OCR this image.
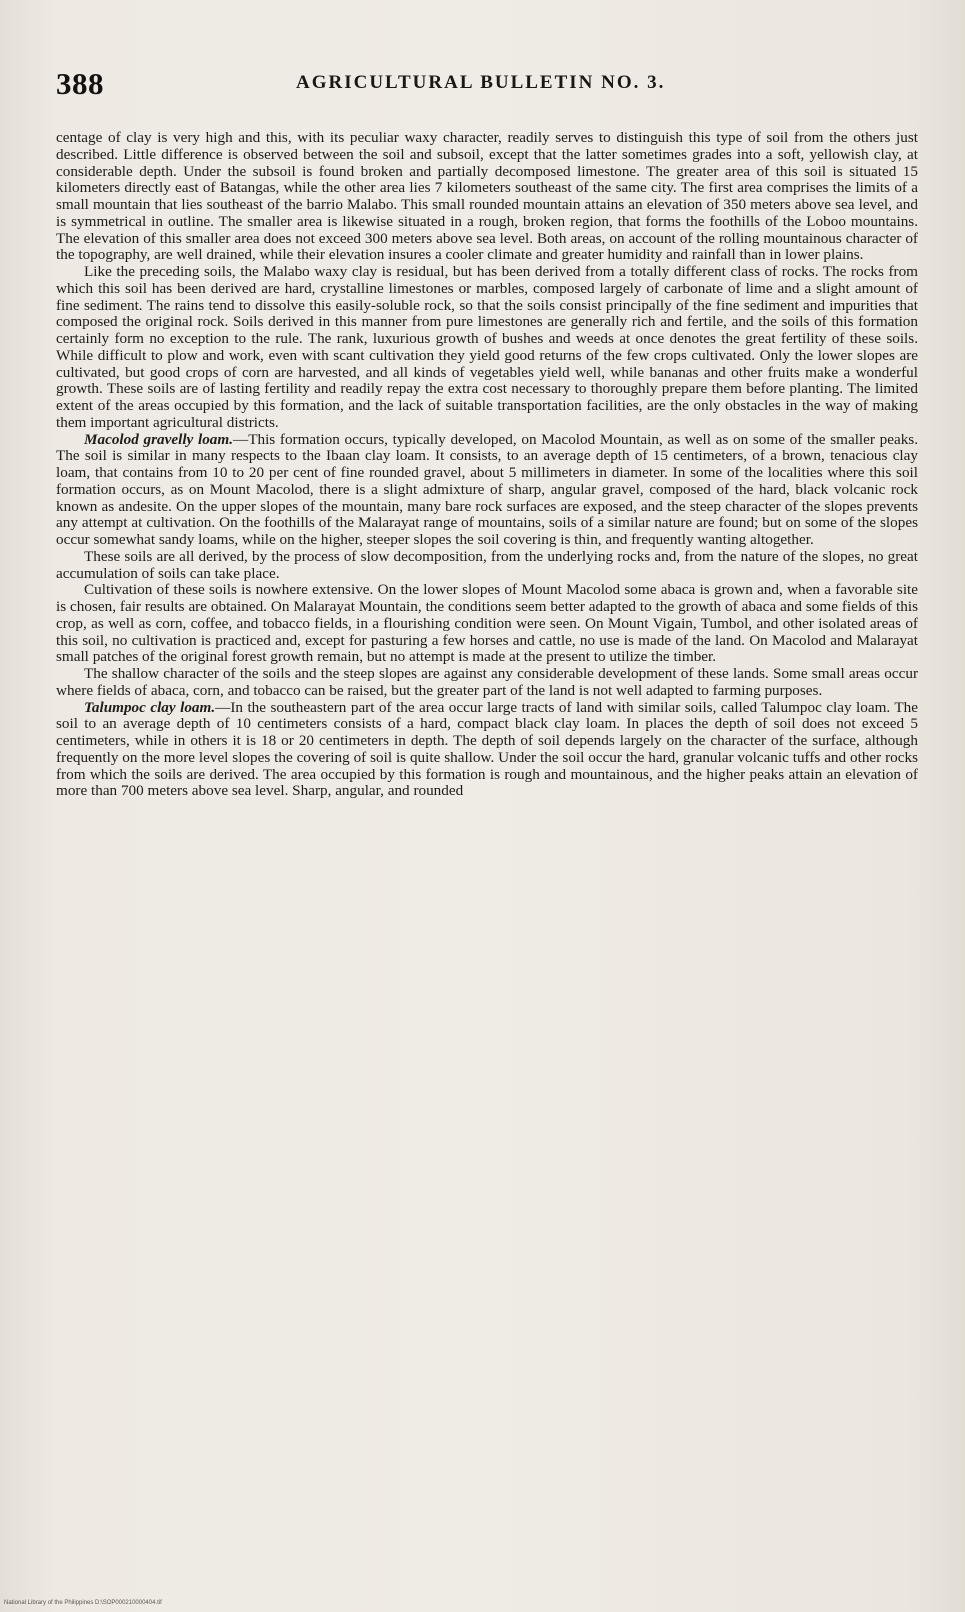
388	AGRICULTURAL BULLETIN NO. 3.

centage of clay is very high and this, with its peculiar waxy character, readily serves to distinguish this type of soil from the others just described. Little difference is observed between the soil and subsoil, except that the latter sometimes grades into a soft, yellowish clay, at considerable depth. Under the subsoil is found broken and partially decomposed limestone. The greater area of this soil is situated 15 kilometers directly east of Batangas, while the other area lies 7 kilometers southeast of the same city. The first area comprises the limits of a small mountain that lies southeast of the barrio Malabo. This small rounded mountain attains an elevation of 350 meters above sea level, and is symmetrical in outline. The smaller area is likewise situated in a rough, broken region, that forms the foothills of the Loboo mountains. The elevation of this smaller area does not exceed 300 meters above sea level. Both areas, on account of the rolling mountainous character of the topography, are well drained, while their elevation insures a cooler climate and greater humidity and rainfall than in lower plains.

Like the preceding soils, the Malabo waxy clay is residual, but has been derived from a totally different class of rocks. The rocks from which this soil has been derived are hard, crystalline limestones or marbles, composed largely of carbonate of lime and a slight amount of fine sediment. The rains tend to dissolve this easily-soluble rock, so that the soils consist principally of the fine sediment and impurities that composed the original rock. Soils derived in this manner from pure limestones are generally rich and fertile, and the soils of this formation certainly form no exception to the rule. The rank, luxurious growth of bushes and weeds at once denotes the great fertility of these soils. While difficult to plow and work, even with scant cultivation they yield good returns of the few crops cultivated. Only the lower slopes are cultivated, but good crops of corn are harvested, and all kinds of vegetables yield well, while bananas and other fruits make a wonderful growth. These soils are of lasting fertility and readily repay the extra cost necessary to thoroughly prepare them before planting. The limited extent of the areas occupied by this formation, and the lack of suitable transportation facilities, are the only obstacles in the way of making them important agricultural districts.

Macolod gravelly loam.—This formation occurs, typically developed, on Macolod Mountain, as well as on some of the smaller peaks. The soil is similar in many respects to the Ibaan clay loam. It consists, to an average depth of 15 centimeters, of a brown, tenacious clay loam, that contains from 10 to 20 per cent of fine rounded gravel, about 5 millimeters in diameter. In some of the localities where this soil formation occurs, as on Mount Macolod, there is a slight admixture of sharp, angular gravel, composed of the hard, black volcanic rock known as andesite. On the upper slopes of the mountain, many bare rock surfaces are exposed, and the steep character of the slopes prevents any attempt at cultivation. On the foothills of the Malarayat range of mountains, soils of a similar nature are found; but on some of the slopes occur somewhat sandy loams, while on the higher, steeper slopes the soil covering is thin, and frequently wanting altogether.

These soils are all derived, by the process of slow decomposition, from the underlying rocks and, from the nature of the slopes, no great accumulation of soils can take place.

Cultivation of these soils is nowhere extensive. On the lower slopes of Mount Macolod some abaca is grown and, when a favorable site is chosen, fair results are obtained. On Malarayat Mountain, the conditions seem better adapted to the growth of abaca and some fields of this crop, as well as corn, coffee, and tobacco fields, in a flourishing condition were seen. On Mount Vigain, Tumbol, and other isolated areas of this soil, no cultivation is practiced and, except for pasturing a few horses and cattle, no use is made of the land. On Macolod and Malarayat small patches of the original forest growth remain, but no attempt is made at the present to utilize the timber.

The shallow character of the soils and the steep slopes are against any considerable development of these lands. Some small areas occur where fields of abaca, corn, and tobacco can be raised, but the greater part of the land is not well adapted to farming purposes.

Talumpoc clay loam.—In the southeastern part of the area occur large tracts of land with similar soils, called Talumpoc clay loam. The soil to an average depth of 10 centimeters consists of a hard, compact black clay loam. In places the depth of soil does not exceed 5 centimeters, while in others it is 18 or 20 centimeters in depth. The depth of soil depends largely on the character of the surface, although frequently on the more level slopes the covering of soil is quite shallow. Under the soil occur the hard, granular volcanic tuffs and other rocks from which the soils are derived. The area occupied by this formation is rough and mountainous, and the higher peaks attain an elevation of more than 700 meters above sea level. Sharp, angular, and rounded

National Library of the Philippines D:\SOP000210000404.tif
